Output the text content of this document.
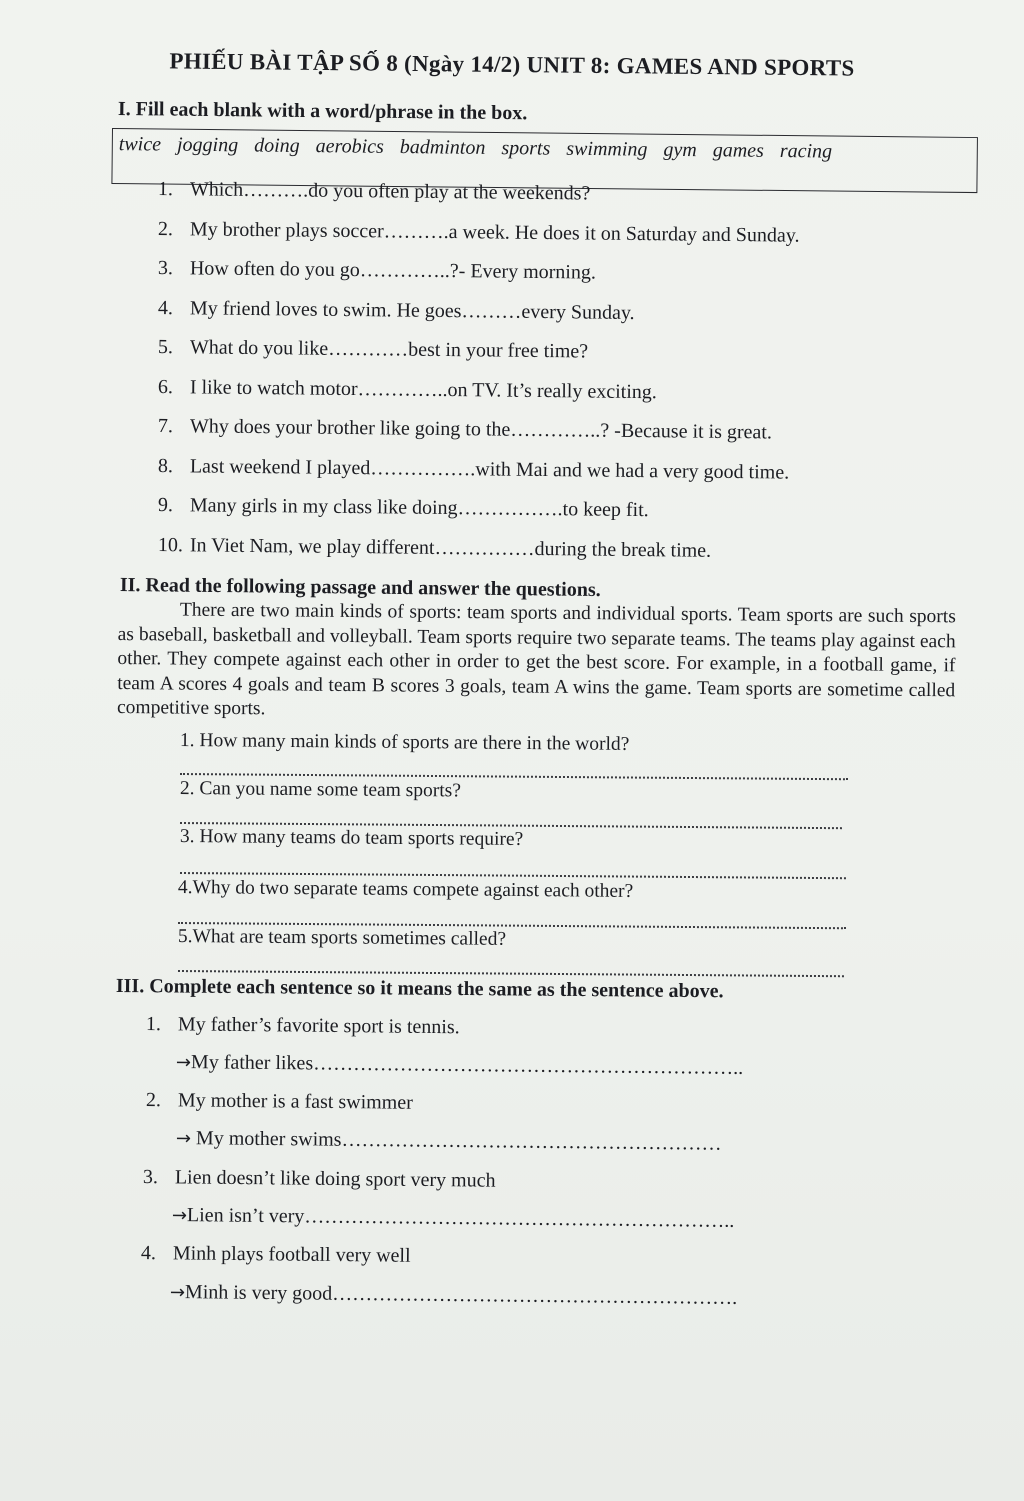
PHIẾU BÀI TẬP SỐ 8 (Ngày 14/2) UNIT 8: GAMES AND SPORTS
I. Fill each blank with a word/phrase in the box.
twice jogging doing aerobics badminton sports swimming gym games racing
1. Which……….do you often play at the weekends?
2. My brother plays soccer……….a week. He does it on Saturday and Sunday.
3. How often do you go…………..?- Every morning.
4. My friend loves to swim. He goes………every Sunday.
5. What do you like…………best in your free time?
6. I like to watch motor…………..on TV. It’s really exciting.
7. Why does your brother like going to the…………..? -Because it is great.
8. Last weekend I played…………….with Mai and we had a very good time.
9. Many girls in my class like doing…………….to keep fit.
10. In Viet Nam, we play different……………during the break time.
II. Read the following passage and answer the questions.
There are two main kinds of sports: team sports and individual sports. Team sports are such sports as baseball, basketball and volleyball. Team sports require two separate teams. The teams play against each other. They compete against each other in order to get the best score. For example, in a football game, if team A scores 4 goals and team B scores 3 goals, team A wins the game. Team sports are sometime called competitive sports.
1. How many main kinds of sports are there in the world?
2. Can you name some team sports?
3. How many teams do team sports require?
4.Why do two separate teams compete against each other?
5.What are team sports sometimes called?
III. Complete each sentence so it means the same as the sentence above.
1. My father’s favorite sport is tennis.
→My father likes………………………………………………………..
2. My mother is a fast swimmer
→ My mother swims…………………………………………………
3. Lien doesn’t like doing sport very much
→Lien isn’t very………………………………………………………..
4. Minh plays football very well
→Minh is very good…………………………………………………….
